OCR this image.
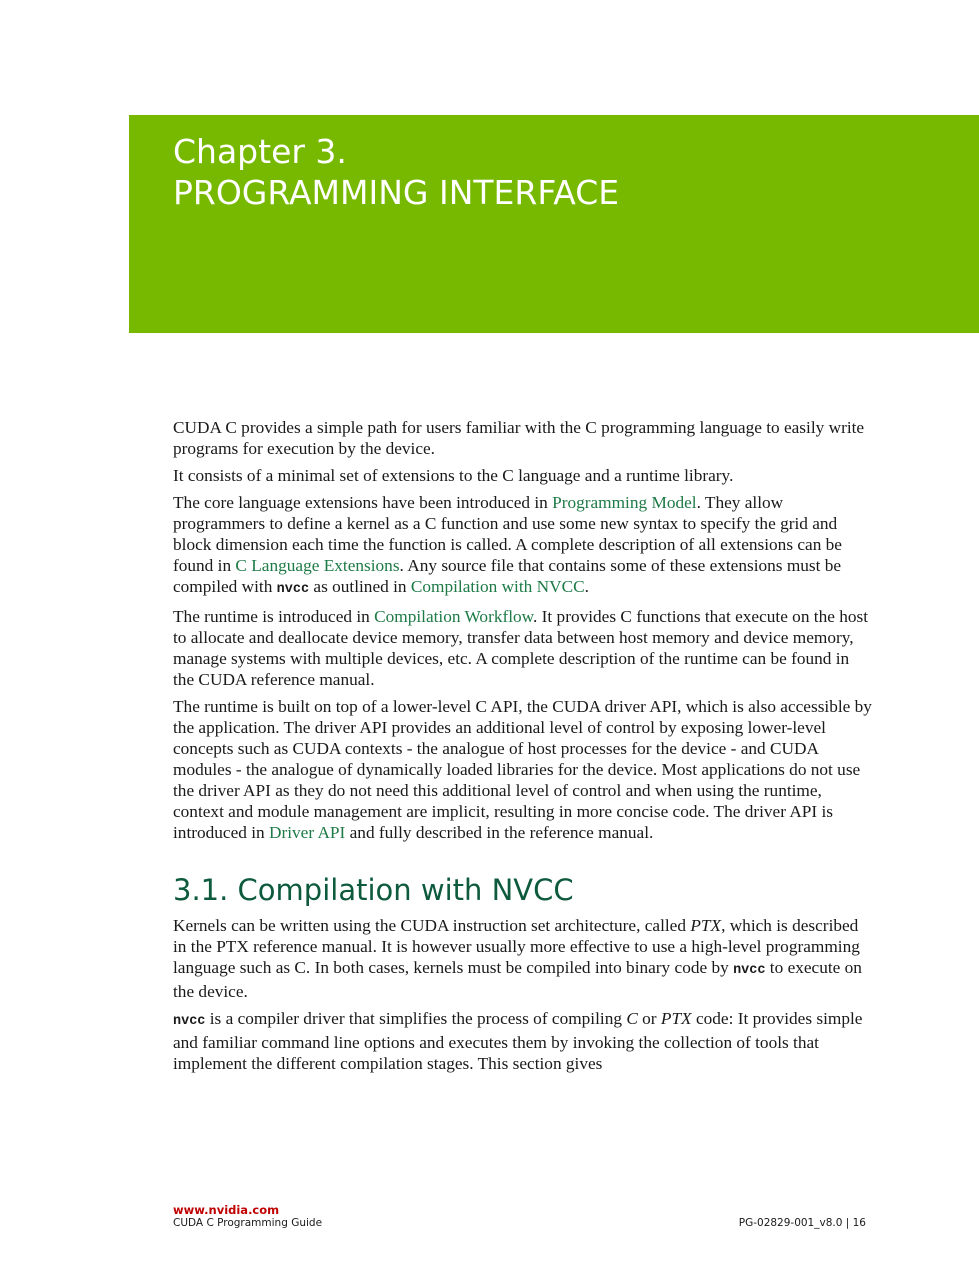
Chapter 3.
PROGRAMMING INTERFACE

CUDA C provides a simple path for users familiar with the C programming language to easily write programs for execution by the device.

It consists of a minimal set of extensions to the C language and a runtime library.

The core language extensions have been introduced in Programming Model. They allow programmers to define a kernel as a C function and use some new syntax to specify the grid and block dimension each time the function is called. A complete description of all extensions can be found in C Language Extensions. Any source file that contains some of these extensions must be compiled with nvcc as outlined in Compilation with NVCC.

The runtime is introduced in Compilation Workflow. It provides C functions that execute on the host to allocate and deallocate device memory, transfer data between host memory and device memory, manage systems with multiple devices, etc. A complete description of the runtime can be found in the CUDA reference manual.

The runtime is built on top of a lower-level C API, the CUDA driver API, which is also accessible by the application. The driver API provides an additional level of control by exposing lower-level concepts such as CUDA contexts - the analogue of host processes for the device - and CUDA modules - the analogue of dynamically loaded libraries for the device. Most applications do not use the driver API as they do not need this additional level of control and when using the runtime, context and module management are implicit, resulting in more concise code. The driver API is introduced in Driver API and fully described in the reference manual.

3.1. Compilation with NVCC

Kernels can be written using the CUDA instruction set architecture, called PTX, which is described in the PTX reference manual. It is however usually more effective to use a high-level programming language such as C. In both cases, kernels must be compiled into binary code by nvcc to execute on the device.

nvcc is a compiler driver that simplifies the process of compiling C or PTX code: It provides simple and familiar command line options and executes them by invoking the collection of tools that implement the different compilation stages. This section gives

www.nvidia.com
CUDA C Programming Guide	PG-02829-001_v8.0 | 16
